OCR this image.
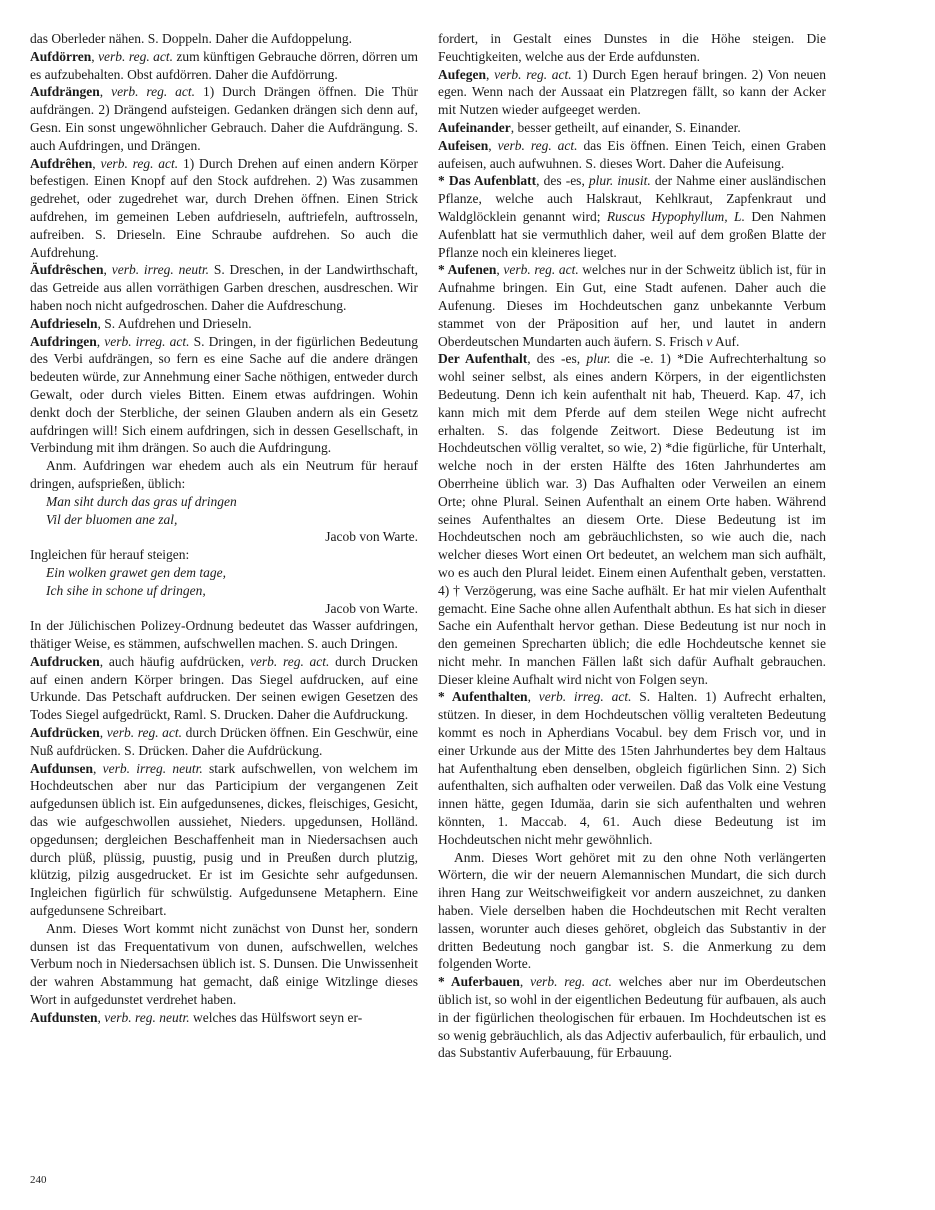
das Oberleder nähen. S. Doppeln. Daher die Aufdoppelung.

Aufdörren, verb. reg. act. zum künftigen Gebrauche dörren, dörren um es aufzubehalten. Obst aufdörren. Daher die Aufdörrung.

Aufdrängen, verb. reg. act. 1) Durch Drängen öffnen. Die Thür aufdrängen. 2) Drängend aufsteigen. Gedanken drängen sich denn auf, Gesn. Ein sonst ungewöhnlicher Gebrauch. Daher die Aufdrängung. S. auch Aufdringen, und Drängen.

Aufdrêhen, verb. reg. act. 1) Durch Drehen auf einen andern Körper befestigen. Einen Knopf auf den Stock aufdrehen. 2) Was zusammen gedrehet, oder zugedrehet war, durch Drehen öffnen. Einen Strick aufdrehen, im gemeinen Leben aufdrieseln, auftriefeln, auftrosseln, aufreiben. S. Drieseln. Eine Schraube aufdrehen. So auch die Aufdrehung.

Äufdrêschen, verb. irreg. neutr. S. Dreschen, in der Landwirthschaft, das Getreide aus allen vorräthigen Garben dreschen, ausdreschen. Wir haben noch nicht aufgedroschen. Daher die Aufdreschung.

Aufdrieseln, S. Aufdrehen und Drieseln.

Aufdringen, verb. irreg. act. S. Dringen, in der figürlichen Bedeutung des Verbi aufdrängen, so fern es eine Sache auf die andere drängen bedeuten würde, zur Annehmung einer Sache nöthigen, entweder durch Gewalt, oder durch vieles Bitten. Einem etwas aufdringen. Wohin denkt doch der Sterbliche, der seinen Glauben andern als ein Gesetz aufdringen will! Sich einem aufdringen, sich in dessen Gesellschaft, in Verbindung mit ihm drängen. So auch die Aufdringung.

Anm. Aufdringen war ehedem auch als ein Neutrum für herauf dringen, aufsprießen, üblich:

Man siht durch das gras uf dringen

Vil der bluomen ane zal,

Jacob von Warte.

Ingleichen für herauf steigen:

Ein wolken grawet gen dem tage,

Ich sihe in schone uf dringen,

Jacob von Warte.

In der Jülichischen Polizey-Ordnung bedeutet das Wasser aufdringen, thätiger Weise, es stämmen, aufschwellen machen. S. auch Dringen.

Aufdrucken, auch häufig aufdrücken, verb. reg. act. durch Drucken auf einen andern Körper bringen. Das Siegel aufdrucken, auf eine Urkunde. Das Petschaft aufdrucken. Der seinen ewigen Gesetzen des Todes Siegel aufgedrückt, Raml. S. Drucken. Daher die Aufdruckung.

Aufdrücken, verb. reg. act. durch Drücken öffnen. Ein Geschwür, eine Nuß aufdrücken. S. Drücken. Daher die Aufdrückung.

Aufdunsen, verb. irreg. neutr. stark aufschwellen, von welchem im Hochdeutschen aber nur das Participium der vergangenen Zeit aufgedunsen üblich ist. Ein aufgedunsenes, dickes, fleischiges, Gesicht, das wie aufgeschwollen aussiehet, Nieders. upgedunsen, Holländ. opgedunsen; dergleichen Beschaffenheit man in Niedersachsen auch durch plüß, plüssig, puustig, pusig und in Preußen durch plutzig, klützig, pilzig ausgedrucket. Er ist im Gesichte sehr aufgedunsen. Ingleichen figürlich für schwülstig. Aufgedunsene Metaphern. Eine aufgedunsene Schreibart.

Anm. Dieses Wort kommt nicht zunächst von Dunst her, sondern dunsen ist das Frequentativum von dunen, aufschwellen, welches Verbum noch in Niedersachsen üblich ist. S. Dunsen. Die Unwissenheit der wahren Abstammung hat gemacht, daß einige Witzlinge dieses Wort in aufgedunstet verdrehet haben.

Aufdunsten, verb. reg. neutr. welches das Hülfswort seyn er-

fordert, in Gestalt eines Dunstes in die Höhe steigen. Die Feuchtigkeiten, welche aus der Erde aufdunsten.

Aufegen, verb. reg. act. 1) Durch Egen herauf bringen. 2) Von neuen egen. Wenn nach der Aussaat ein Platzregen fällt, so kann der Acker mit Nutzen wieder aufgeeget werden.

Aufeinander, besser getheilt, auf einander, S. Einander.

Aufeisen, verb. reg. act. das Eis öffnen. Einen Teich, einen Graben aufeisen, auch aufwuhnen. S. dieses Wort. Daher die Aufeisung.

* Das Aufenblatt, des -es, plur. inusit. der Nahme einer ausländischen Pflanze, welche auch Halskraut, Kehlkraut, Zapfenkraut und Waldglöcklein genannt wird; Ruscus Hypophyllum, L. Den Nahmen Aufenblatt hat sie vermuthlich daher, weil auf dem großen Blatte der Pflanze noch ein kleineres lieget.

* Aufenen, verb. reg. act. welches nur in der Schweitz üblich ist, für in Aufnahme bringen. Ein Gut, eine Stadt aufenen. Daher auch die Aufenung. Dieses im Hochdeutschen ganz unbekannte Verbum stammet von der Präposition auf her, und lautet in andern Oberdeutschen Mundarten auch äufern. S. Frisch v Auf.

Der Aufenthalt, des -es, plur. die -e. 1) *Die Aufrechterhaltung so wohl seiner selbst, als eines andern Körpers, in der eigentlichsten Bedeutung. Denn ich kein aufenthalt nit hab, Theuerd. Kap. 47, ich kann mich mit dem Pferde auf dem steilen Wege nicht aufrecht erhalten. S. das folgende Zeitwort. Diese Bedeutung ist im Hochdeutschen völlig veraltet, so wie, 2) *die figürliche, für Unterhalt, welche noch in der ersten Hälfte des 16ten Jahrhundertes am Oberrheine üblich war. 3) Das Aufhalten oder Verweilen an einem Orte; ohne Plural. Seinen Aufenthalt an einem Orte haben. Während seines Aufenthaltes an diesem Orte. Diese Bedeutung ist im Hochdeutschen noch am gebräuchlichsten, so wie auch die, nach welcher dieses Wort einen Ort bedeutet, an welchem man sich aufhält, wo es auch den Plural leidet. Einem einen Aufenthalt geben, verstatten. 4) † Verzögerung, was eine Sache aufhält. Er hat mir vielen Aufenthalt gemacht. Eine Sache ohne allen Aufenthalt abthun. Es hat sich in dieser Sache ein Aufenthalt hervor gethan. Diese Bedeutung ist nur noch in den gemeinen Sprecharten üblich; die edle Hochdeutsche kennet sie nicht mehr. In manchen Fällen laßt sich dafür Aufhalt gebrauchen. Dieser kleine Aufhalt wird nicht von Folgen seyn.

* Aufenthalten, verb. irreg. act. S. Halten. 1) Aufrecht erhalten, stützen. In dieser, in dem Hochdeutschen völlig veralteten Bedeutung kommt es noch in Apherdians Vocabul. bey dem Frisch vor, und in einer Urkunde aus der Mitte des 15ten Jahrhundertes bey dem Haltaus hat Aufenthaltung eben denselben, obgleich figürlichen Sinn. 2) Sich aufenthalten, sich aufhalten oder verweilen. Daß das Volk eine Vestung innen hätte, gegen Idumäa, darin sie sich aufenthalten und wehren könnten, 1. Maccab. 4, 61. Auch diese Bedeutung ist im Hochdeutschen nicht mehr gewöhnlich.

Anm. Dieses Wort gehöret mit zu den ohne Noth verlängerten Wörtern, die wir der neuern Alemannischen Mundart, die sich durch ihren Hang zur Weitschweifigkeit vor andern auszeichnet, zu danken haben. Viele derselben haben die Hochdeutschen mit Recht veralten lassen, worunter auch dieses gehöret, obgleich das Substantiv in der dritten Bedeutung noch gangbar ist. S. die Anmerkung zu dem folgenden Worte.

* Auferbauen, verb. reg. act. welches aber nur im Oberdeutschen üblich ist, so wohl in der eigentlichen Bedeutung für aufbauen, als auch in der figürlichen theologischen für erbauen. Im Hochdeutschen ist es so wenig gebräuchlich, als das Adjectiv auferbaulich, für erbaulich, und das Substantiv Auferbauung, für Erbauung.

240
